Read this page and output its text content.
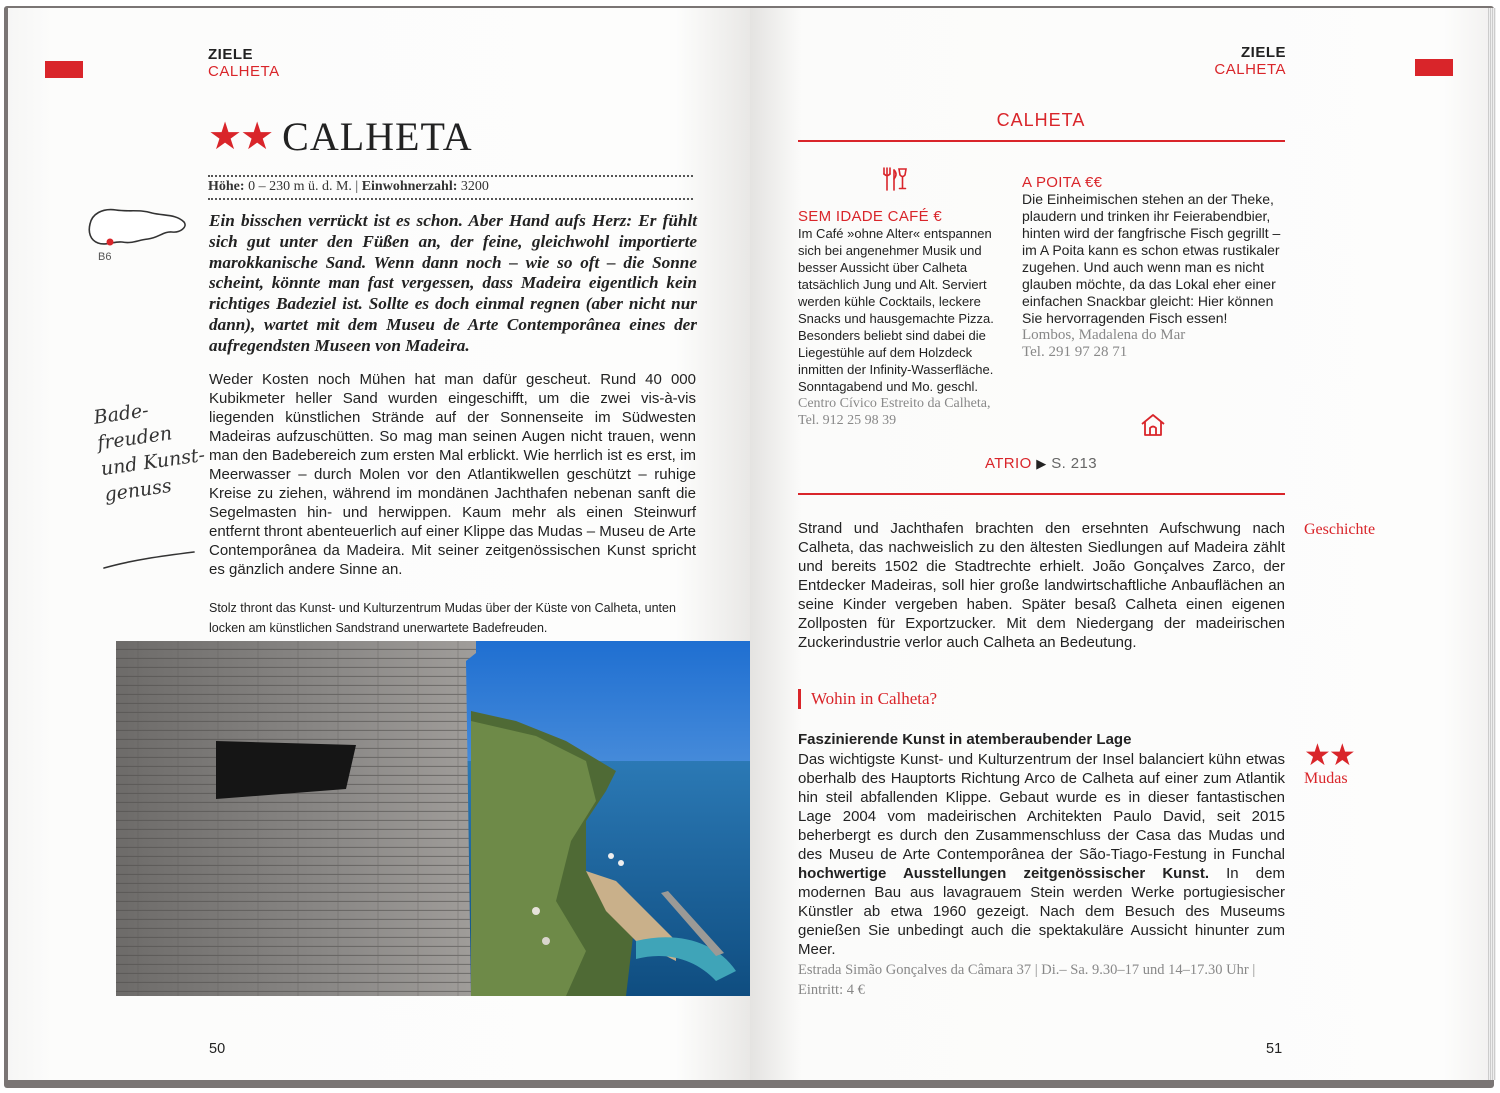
ZIELE
CALHETA
★★ CALHETA
Höhe: 0 – 230 m ü. d. M. | Einwohnerzahl: 3200
B6
Ein bisschen verrückt ist es schon. Aber Hand aufs Herz: Er fühlt sich gut unter den Füßen an, der feine, gleichwohl importierte marokkanische Sand. Wenn dann noch – wie so oft – die Sonne scheint, könnte man fast vergessen, dass Madeira eigentlich kein richtiges Badeziel ist. Sollte es doch einmal regnen (aber nicht nur dann), wartet mit dem Museu de Arte Contemporânea eines der aufregendsten Museen von Madeira.
Weder Kosten noch Mühen hat man dafür gescheut. Rund 40 000 Kubikmeter heller Sand wurden eingeschifft, um die zwei vis-à-vis liegenden künstlichen Strände auf der Sonnenseite im Südwesten Madeiras aufzuschütten. So mag man seinen Augen nicht trauen, wenn man den Badebereich zum ersten Mal erblickt. Wie herrlich ist es erst, im Meerwasser – durch Molen vor den Atlantikwellen geschützt – ruhige Kreise zu ziehen, während im mondänen Jachthafen nebenan sanft die Segelmasten hin- und herwippen. Kaum mehr als einen Steinwurf entfernt thront abenteuerlich auf einer Klippe das Mudas – Museu de Arte Contemporânea da Madeira. Mit seiner zeitgenössischen Kunst spricht es gänzlich andere Sinne an.
Bade-freuden und Kunst-genuss
Stolz thront das Kunst- und Kulturzentrum Mudas über der Küste von Calheta, unten locken am künstlichen Sandstrand unerwartete Badefreuden.
50
ZIELE
CALHETA
CALHETA
SEM IDADE CAFÉ €
Im Café »ohne Alter« entspannen sich bei angenehmer Musik und besser Aussicht über Calheta tatsächlich Jung und Alt. Serviert werden kühle Cocktails, leckere Snacks und hausgemachte Pizza. Besonders beliebt sind dabei die Liegestühle auf dem Holzdeck inmitten der Infinity-Wasserfläche. Sonntagabend und Mo. geschl.
Centro Cívico Estreito da Calheta,
Tel. 912 25 98 39
A POITA €€
Die Einheimischen stehen an der Theke, plaudern und trinken ihr Feierabendbier, hinten wird der fangfrische Fisch gegrillt – im A Poita kann es schon etwas rustikaler zugehen. Und auch wenn man es nicht glauben möchte, da das Lokal eher einer einfachen Snackbar gleicht: Hier können Sie hervorragenden Fisch essen!
Lombos, Madalena do Mar
Tel. 291 97 28 71
ATRIO ▶ S. 213
Strand und Jachthafen brachten den ersehnten Aufschwung nach Calheta, das nachweislich zu den ältesten Siedlungen auf Madeira zählt und bereits 1502 die Stadtrechte erhielt. João Gonçalves Zarco, der Entdecker Madeiras, soll hier große landwirtschaftliche Anbauflächen an seine Kinder vergeben haben. Später besaß Calheta einen eigenen Zollposten für Exportzucker. Mit dem Niedergang der madeirischen Zuckerindustrie verlor auch Calheta an Bedeutung.
Geschichte
Wohin in Calheta?
Faszinierende Kunst in atemberaubender Lage
Das wichtigste Kunst- und Kulturzentrum der Insel balanciert kühn etwas oberhalb des Hauptorts Richtung Arco de Calheta auf einer zum Atlantik hin steil abfallenden Klippe. Gebaut wurde es in dieser fantastischen Lage 2004 vom madeirischen Architekten Paulo David, seit 2015 beherbergt es durch den Zusammenschluss der Casa das Mudas und des Museu de Arte Contemporânea der São-Tiago-Festung in Funchal hochwertige Ausstellungen zeitgenössischer Kunst. In dem modernen Bau aus lavagrauem Stein werden Werke portugiesischer Künstler ab etwa 1960 gezeigt. Nach dem Besuch des Museums genießen Sie unbedingt auch die spektakuläre Aussicht hinunter zum Meer.
Estrada Simão Gonçalves da Câmara 37 | Di.– Sa. 9.30–17 und 14–17.30 Uhr | Eintritt: 4 €
★★
Mudas
51
